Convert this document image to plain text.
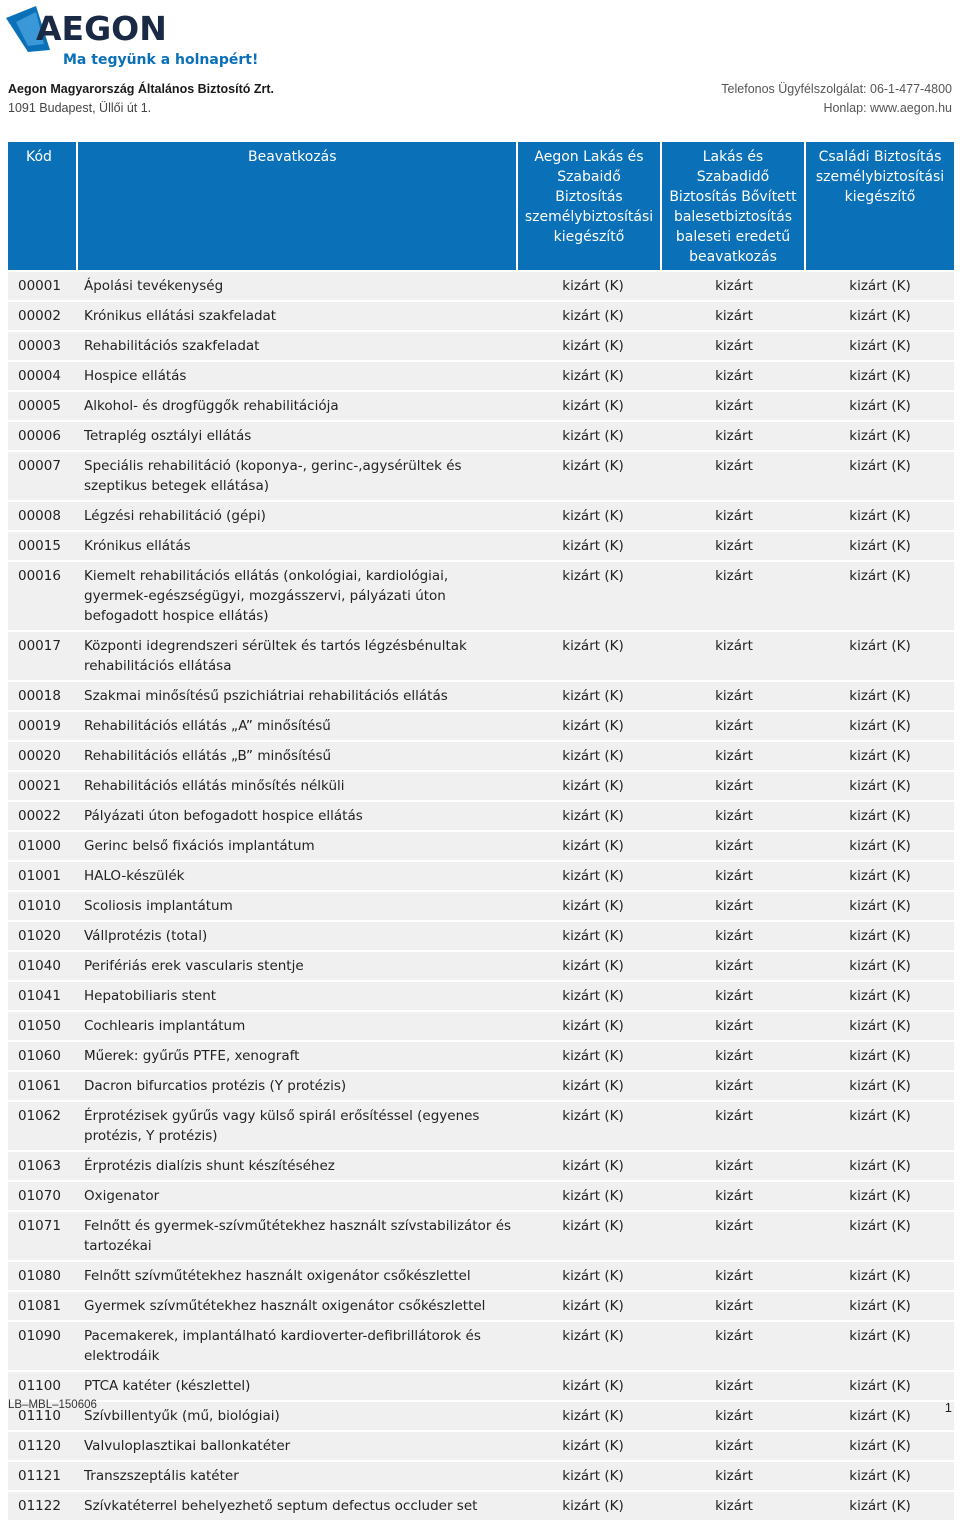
AEGON
Ma tegyünk a holnapért!
Aegon Magyarország Általános Biztosító Zrt.
1091 Budapest, Üllői út 1.
Telefonos Ügyfélszolgálat: 06-1-477-4800
Honlap: www.aegon.hu
Kód	Beavatkozás	Aegon Lakás és Szabaidő Biztosítás személybiztosítási kiegészítő	Lakás és Szabadidő Biztosítás Bővített balesetbiztosítás baleseti eredetű beavatkozás	Családi Biztosítás személybiztosítási kiegészítő
00001	Ápolási tevékenység	kizárt (K)	kizárt	kizárt (K)
00002	Krónikus ellátási szakfeladat	kizárt (K)	kizárt	kizárt (K)
00003	Rehabilitációs szakfeladat	kizárt (K)	kizárt	kizárt (K)
00004	Hospice ellátás	kizárt (K)	kizárt	kizárt (K)
00005	Alkohol- és drogfüggők rehabilitációja	kizárt (K)	kizárt	kizárt (K)
00006	Tetraplég osztályi ellátás	kizárt (K)	kizárt	kizárt (K)
00007	Speciális rehabilitáció (koponya-, gerinc-,agysérültek és szeptikus betegek ellátása)	kizárt (K)	kizárt	kizárt (K)
00008	Légzési rehabilitáció (gépi)	kizárt (K)	kizárt	kizárt (K)
00015	Krónikus ellátás	kizárt (K)	kizárt	kizárt (K)
00016	Kiemelt rehabilitációs ellátás (onkológiai, kardiológiai, gyermek-egészségügyi, mozgásszervi, pályázati úton befogadott hospice ellátás)	kizárt (K)	kizárt	kizárt (K)
00017	Központi idegrendszeri sérültek és tartós légzésbénultak rehabilitációs ellátása	kizárt (K)	kizárt	kizárt (K)
00018	Szakmai minősítésű pszichiátriai rehabilitációs ellátás	kizárt (K)	kizárt	kizárt (K)
00019	Rehabilitációs ellátás „A” minősítésű	kizárt (K)	kizárt	kizárt (K)
00020	Rehabilitációs ellátás „B” minősítésű	kizárt (K)	kizárt	kizárt (K)
00021	Rehabilitációs ellátás minősítés nélküli	kizárt (K)	kizárt	kizárt (K)
00022	Pályázati úton befogadott hospice ellátás	kizárt (K)	kizárt	kizárt (K)
01000	Gerinc belső fixációs implantátum	kizárt (K)	kizárt	kizárt (K)
01001	HALO-készülék	kizárt (K)	kizárt	kizárt (K)
01010	Scoliosis implantátum	kizárt (K)	kizárt	kizárt (K)
01020	Vállprotézis (total)	kizárt (K)	kizárt	kizárt (K)
01040	Perifériás erek vascularis stentje	kizárt (K)	kizárt	kizárt (K)
01041	Hepatobiliaris stent	kizárt (K)	kizárt	kizárt (K)
01050	Cochlearis implantátum	kizárt (K)	kizárt	kizárt (K)
01060	Műerek: gyűrűs PTFE, xenograft	kizárt (K)	kizárt	kizárt (K)
01061	Dacron bifurcatios protézis (Y protézis)	kizárt (K)	kizárt	kizárt (K)
01062	Érprotézisek gyűrűs vagy külső spirál erősítéssel (egyenes protézis, Y protézis)	kizárt (K)	kizárt	kizárt (K)
01063	Érprotézis dialízis shunt készítéséhez	kizárt (K)	kizárt	kizárt (K)
01070	Oxigenator	kizárt (K)	kizárt	kizárt (K)
01071	Felnőtt és gyermek-szívműtétekhez használt szívstabilizátor és tartozékai	kizárt (K)	kizárt	kizárt (K)
01080	Felnőtt szívműtétekhez használt oxigenátor csőkészlettel	kizárt (K)	kizárt	kizárt (K)
01081	Gyermek szívműtétekhez használt oxigenátor csőkészlettel	kizárt (K)	kizárt	kizárt (K)
01090	Pacemakerek, implantálható kardioverter-defibrillátorok és elektrodáik	kizárt (K)	kizárt	kizárt (K)
01100	PTCA katéter (készlettel)	kizárt (K)	kizárt	kizárt (K)
01110	Szívbillentyűk (mű, biológiai)	kizárt (K)	kizárt	kizárt (K)
01120	Valvuloplasztikai ballonkatéter	kizárt (K)	kizárt	kizárt (K)
01121	Transzszeptális katéter	kizárt (K)	kizárt	kizárt (K)
01122	Szívkatéterrel behelyezhető septum defectus occluder set	kizárt (K)	kizárt	kizárt (K)
LB–MBL–150606	1
